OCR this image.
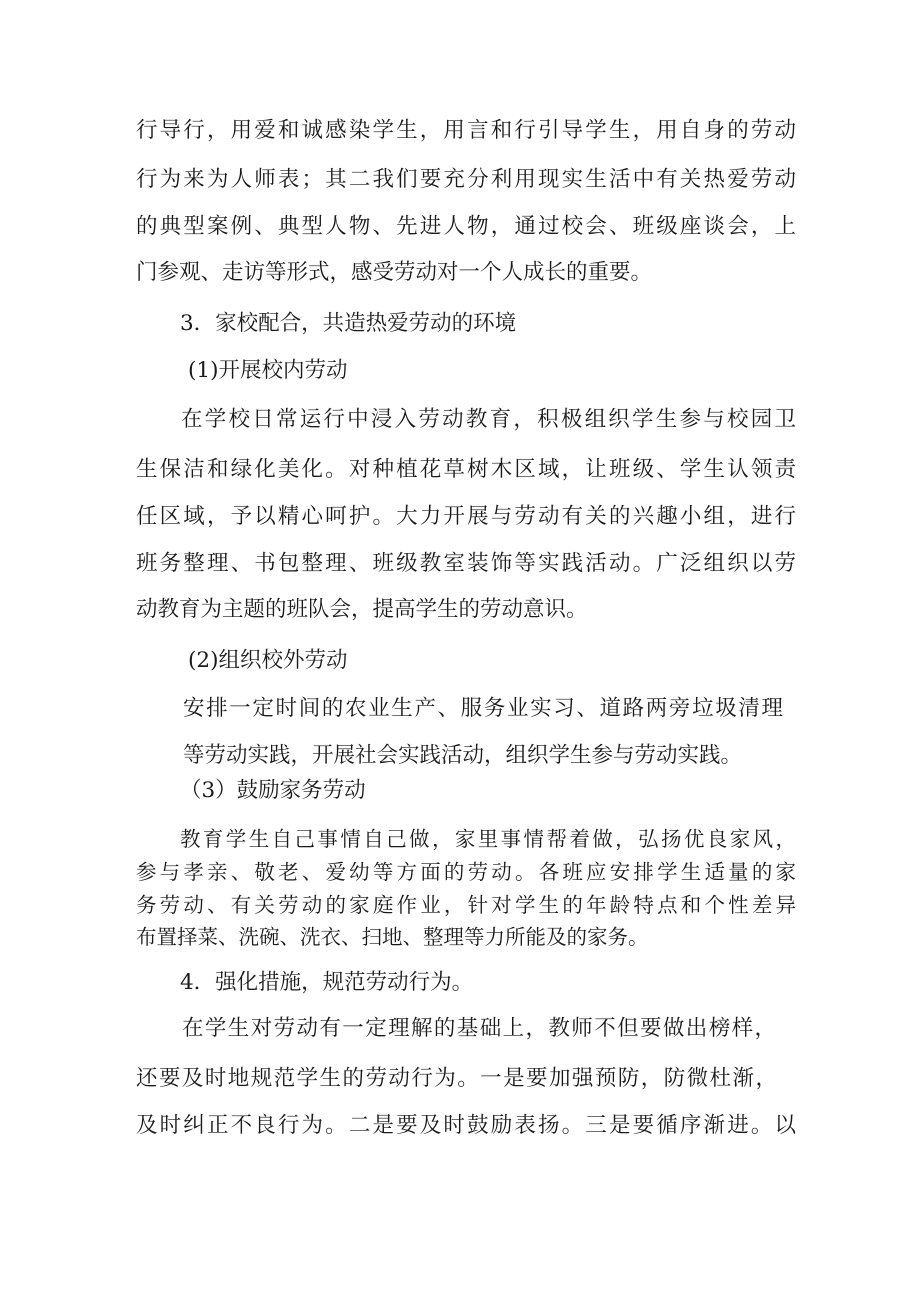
行导行，用爱和诚感染学生，用言和行引导学生，用自身的劳动
行为来为人师表；其二我们要充分利用现实生活中有关热爱劳动
的典型案例、典型人物、先进人物，通过校会、班级座谈会，上
门参观、走访等形式，感受劳动对一个人成长的重要。
3．家校配合，共造热爱劳动的环境
(1)开展校内劳动
在学校日常运行中浸入劳动教育，积极组织学生参与校园卫
生保洁和绿化美化。对种植花草树木区域，让班级、学生认领责
任区域，予以精心呵护。大力开展与劳动有关的兴趣小组，进行
班务整理、书包整理、班级教室装饰等实践活动。广泛组织以劳
动教育为主题的班队会，提高学生的劳动意识。
(2)组织校外劳动
安排一定时间的农业生产、服务业实习、道路两旁垃圾清理
等劳动实践，开展社会实践活动，组织学生参与劳动实践。
（3）鼓励家务劳动
教育学生自己事情自己做，家里事情帮着做，弘扬优良家风，
参与孝亲、敬老、爱幼等方面的劳动。各班应安排学生适量的家
务劳动、有关劳动的家庭作业，针对学生的年龄特点和个性差异
布置择菜、洗碗、洗衣、扫地、整理等力所能及的家务。
4．强化措施，规范劳动行为。
在学生对劳动有一定理解的基础上，教师不但要做出榜样，
还要及时地规范学生的劳动行为。一是要加强预防，防微杜渐，
及时纠正不良行为。二是要及时鼓励表扬。三是要循序渐进。以
